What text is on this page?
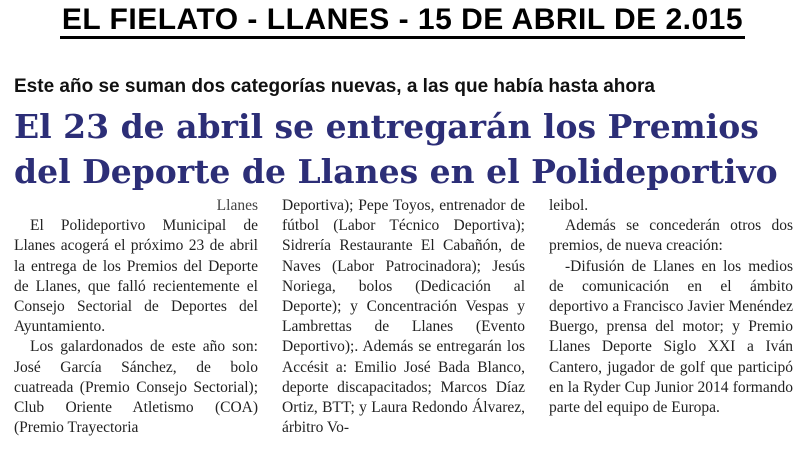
EL FIELATO - LLANES - 15 DE ABRIL DE 2.015
Este año se suman dos categorías nuevas, a las que había hasta ahora
El 23 de abril se entregarán los Premios
del Deporte de Llanes en el Polideportivo

Llanes

El Polideportivo Municipal de Llanes acogerá el próximo 23 de abril la entrega de los Premios del Deporte de Llanes, que falló recientemente el Consejo Sectorial de Deportes del Ayuntamiento.

Los galardonados de este año son: José García Sánchez, de bolo cuatreada (Premio Consejo Sectorial); Club Oriente Atletismo (COA) (Premio Trayectoria

Deportiva); Pepe Toyos, entrenador de fútbol (Labor Técnico Deportiva); Sidrería Restaurante El Cabañón, de Naves (Labor Patrocinadora); Jesús Noriega, bolos (Dedicación al Deporte); y Concentración Vespas y Lambrettas de Llanes (Evento Deportivo);. Además se entregarán los Accésit a: Emilio José Bada Blanco, deporte discapacitados; Marcos Díaz Ortiz, BTT; y Laura Redondo Álvarez, árbitro Vo-

leibol.

Además se concederán otros dos premios, de nueva creación:

-Difusión de Llanes en los medios de comunicación en el ámbito deportivo a Francisco Javier Menéndez Buergo, prensa del motor; y Premio Llanes Deporte Siglo XXI a Iván Cantero, jugador de golf que participó en la Ryder Cup Junior 2014 formando parte del equipo de Europa.
